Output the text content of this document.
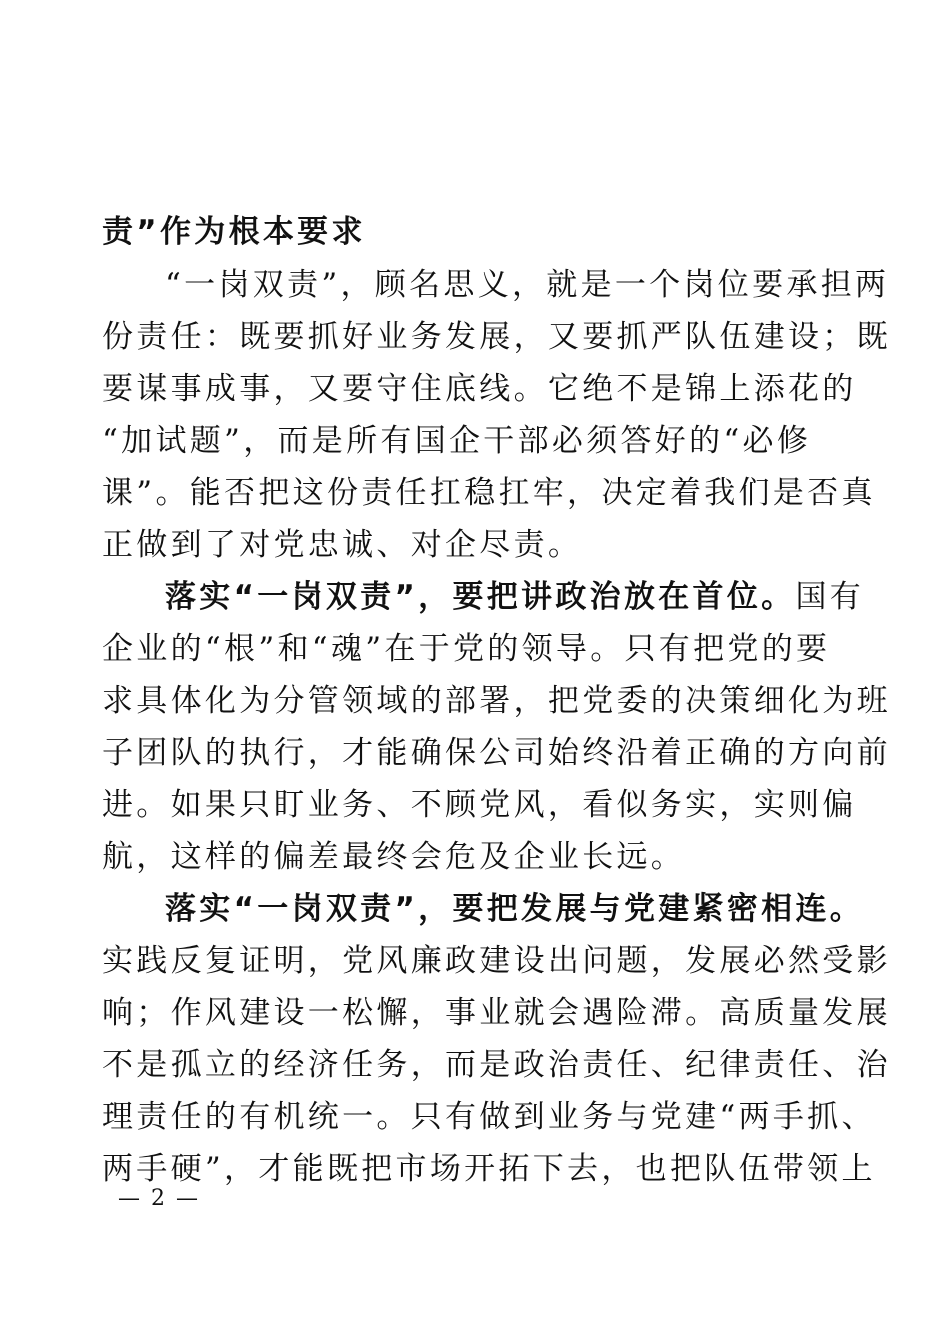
责”作为根本要求
“一岗双责”，顾名思义，就是一个岗位要承担两
份责任：既要抓好业务发展，又要抓严队伍建设；既
要谋事成事，又要守住底线。它绝不是锦上添花的
“加试题”，而是所有国企干部必须答好的“必修
课”。能否把这份责任扛稳扛牢，决定着我们是否真
正做到了对党忠诚、对企尽责。
落实“一岗双责”，要把讲政治放在首位。国有
企业的“根”和“魂”在于党的领导。只有把党的要
求具体化为分管领域的部署，把党委的决策细化为班
子团队的执行，才能确保公司始终沿着正确的方向前
进。如果只盯业务、不顾党风，看似务实，实则偏
航，这样的偏差最终会危及企业长远。
落实“一岗双责”，要把发展与党建紧密相连。
实践反复证明，党风廉政建设出问题，发展必然受影
响；作风建设一松懈，事业就会遇险滞。高质量发展
不是孤立的经济任务，而是政治责任、纪律责任、治
理责任的有机统一。只有做到业务与党建“两手抓、
两手硬”，才能既把市场开拓下去，也把队伍带领上
— 2 —
